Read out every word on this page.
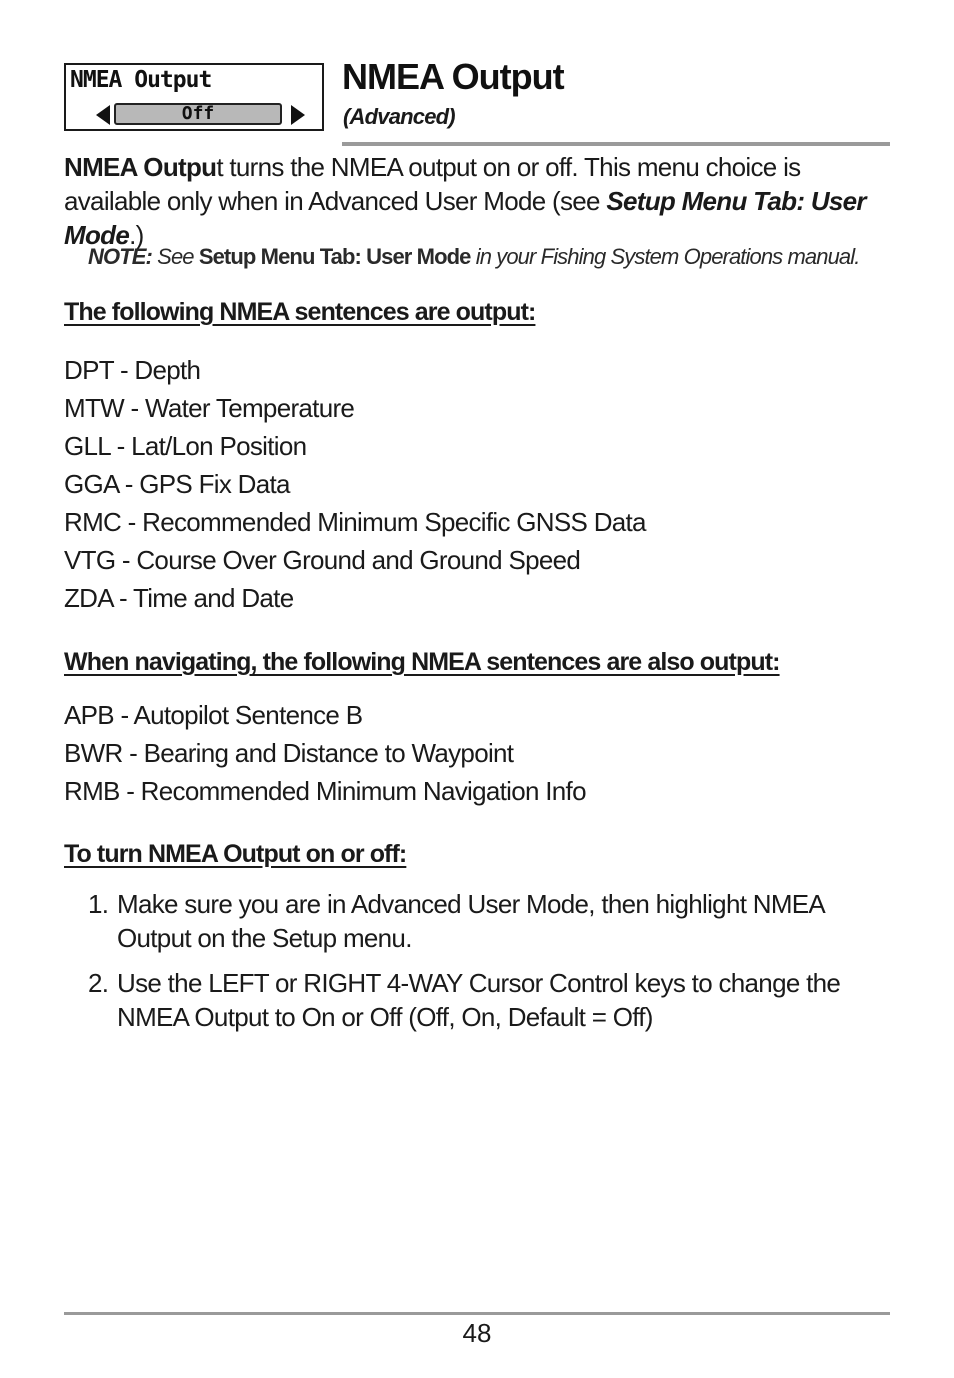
NMEA Output
Off
NMEA Output
(Advanced)
NMEA Output turns the NMEA output on or off. This menu choice is available only when in Advanced User Mode (see Setup Menu Tab: User Mode.)
NOTE: See Setup Menu Tab: User Mode in your Fishing System Operations manual.
The following NMEA sentences are output:
DPT - Depth
MTW - Water Temperature
GLL - Lat/Lon Position
GGA - GPS Fix Data
RMC - Recommended Minimum Specific GNSS Data
VTG - Course Over Ground and Ground Speed
ZDA - Time and Date
When navigating, the following NMEA sentences are also output:
APB - Autopilot Sentence B
BWR - Bearing and Distance to Waypoint
RMB - Recommended Minimum Navigation Info
To turn NMEA Output on or off:
1. Make sure you are in Advanced User Mode, then highlight NMEA Output on the Setup menu.
2. Use the LEFT or RIGHT 4-WAY Cursor Control keys to change the NMEA Output to On or Off (Off, On, Default = Off)
48
